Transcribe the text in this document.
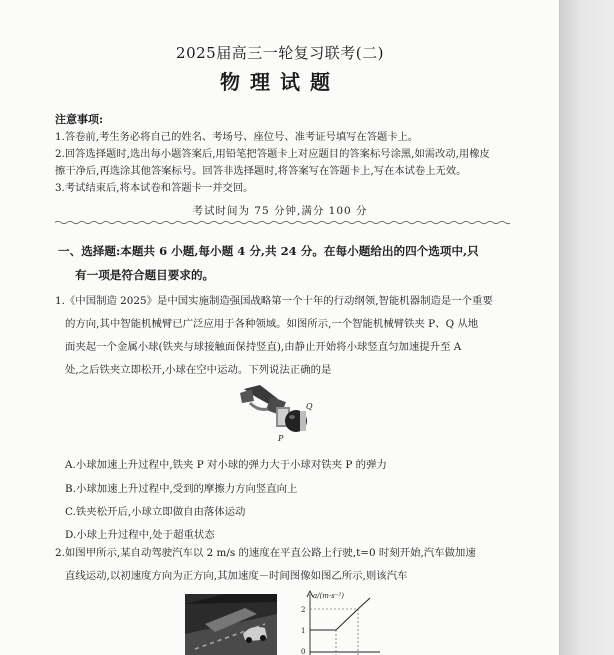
2025届高三一轮复习联考(二)
物理试题
注意事项:
1.答卷前,考生务必将自己的姓名、考场号、座位号、准考证号填写在答题卡上。
2.回答选择题时,选出每小题答案后,用铅笔把答题卡上对应题目的答案标号涂黑,如需改动,用橡皮
擦干净后,再选涂其他答案标号。回答非选择题时,将答案写在答题卡上,写在本试卷上无效。
3.考试结束后,将本试卷和答题卡一并交回。
考试时间为 75 分钟,满分 100 分
一、选择题:本题共 6 小题,每小题 4 分,共 24 分。在每小题给出的四个选项中,只
有一项是符合题目要求的。
1.《中国制造 2025》是中国实施制造强国战略第一个十年的行动纲领,智能机器制造是一个重要
的方向,其中智能机械臂已广泛应用于各种领域。如图所示,一个智能机械臂铁夹 P、Q 从地
面夹起一个金属小球(铁夹与球接触面保持竖直),由静止开始将小球竖直匀加速提升至 A
处,之后铁夹立即松开,小球在空中运动。下列说法正确的是
Q
P
A.小球加速上升过程中,铁夹 P 对小球的弹力大于小球对铁夹 P 的弹力
B.小球加速上升过程中,受到的摩擦力方向竖直向上
C.铁夹松开后,小球立即做自由落体运动
D.小球上升过程中,处于超重状态
2.如图甲所示,某自动驾驶汽车以 2 m/s 的速度在平直公路上行驶,t=0 时刻开始,汽车做加速
直线运动,以初速度方向为正方向,其加速度－时间图像如图乙所示,则该汽车
a/(m·s⁻²)
2
1
0
